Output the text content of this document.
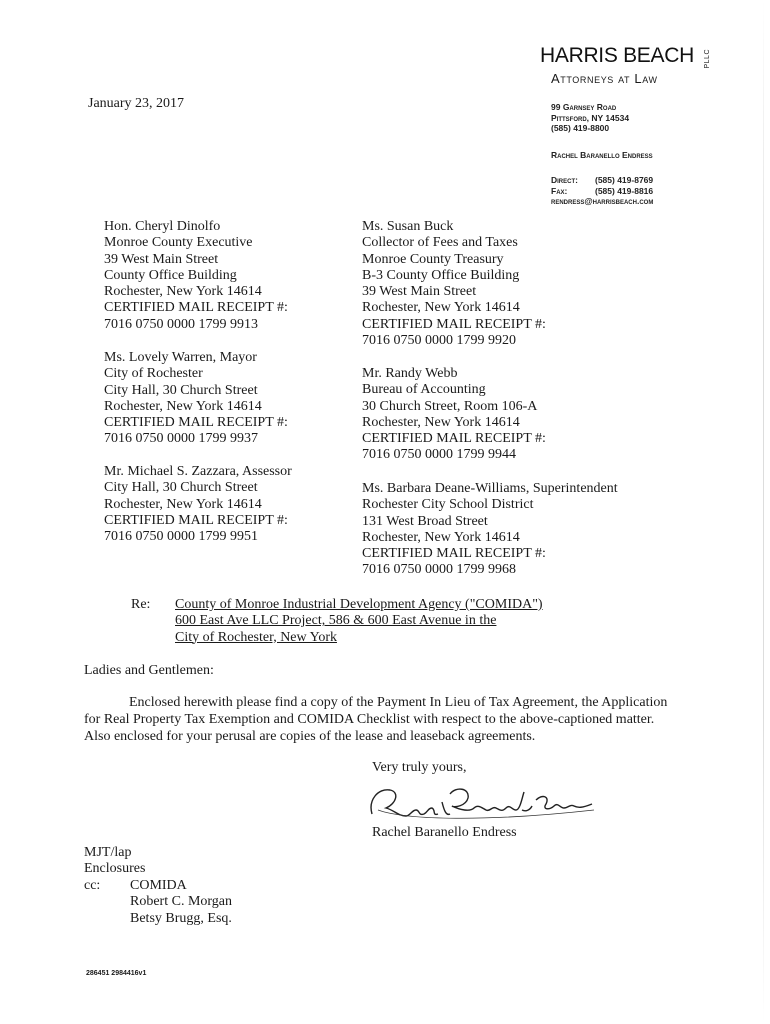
HARRIS BEACH PLLC
Attorneys at Law
99 Garnsey Road
Pittsford, NY 14534
(585) 419-8800
Rachel Baranello Endress
Direct: (585) 419-8769
Fax:	(585) 419-8816
rendress@harrisbeach.com
January 23, 2017
Hon. Cheryl Dinolfo
Monroe County Executive
39 West Main Street
County Office Building
Rochester, New York 14614
CERTIFIED MAIL RECEIPT #:
7016 0750 0000 1799 9913
Ms. Lovely Warren, Mayor
City of Rochester
City Hall, 30 Church Street
Rochester, New York 14614
CERTIFIED MAIL RECEIPT #:
7016 0750 0000 1799 9937
Mr. Michael S. Zazzara, Assessor
City Hall, 30 Church Street
Rochester, New York 14614
CERTIFIED MAIL RECEIPT #:
7016 0750 0000 1799 9951
Ms. Susan Buck
Collector of Fees and Taxes
Monroe County Treasury
B-3 County Office Building
39 West Main Street
Rochester, New York 14614
CERTIFIED MAIL RECEIPT #:
7016 0750 0000 1799 9920
Mr. Randy Webb
Bureau of Accounting
30 Church Street, Room 106-A
Rochester, New York 14614
CERTIFIED MAIL RECEIPT #:
7016 0750 0000 1799 9944
Ms. Barbara Deane-Williams, Superintendent
Rochester City School District
131 West Broad Street
Rochester, New York 14614
CERTIFIED MAIL RECEIPT #:
7016 0750 0000 1799 9968
Re: County of Monroe Industrial Development Agency ("COMIDA")
600 East Ave LLC Project, 586 & 600 East Avenue in the
City of Rochester, New York
Ladies and Gentlemen:

Enclosed herewith please find a copy of the Payment In Lieu of Tax Agreement, the Application

for Real Property Tax Exemption and COMIDA Checklist with respect to the above-captioned matter.

Also enclosed for your perusal are copies of the lease and leaseback agreements.

Very truly yours,
Rachel Baranello Endress
Rachel Baranello Endress
MJT/lap
Enclosures
cc: COMIDA
Robert C. Morgan
Betsy Brugg, Esq.
286451 2984416v1
